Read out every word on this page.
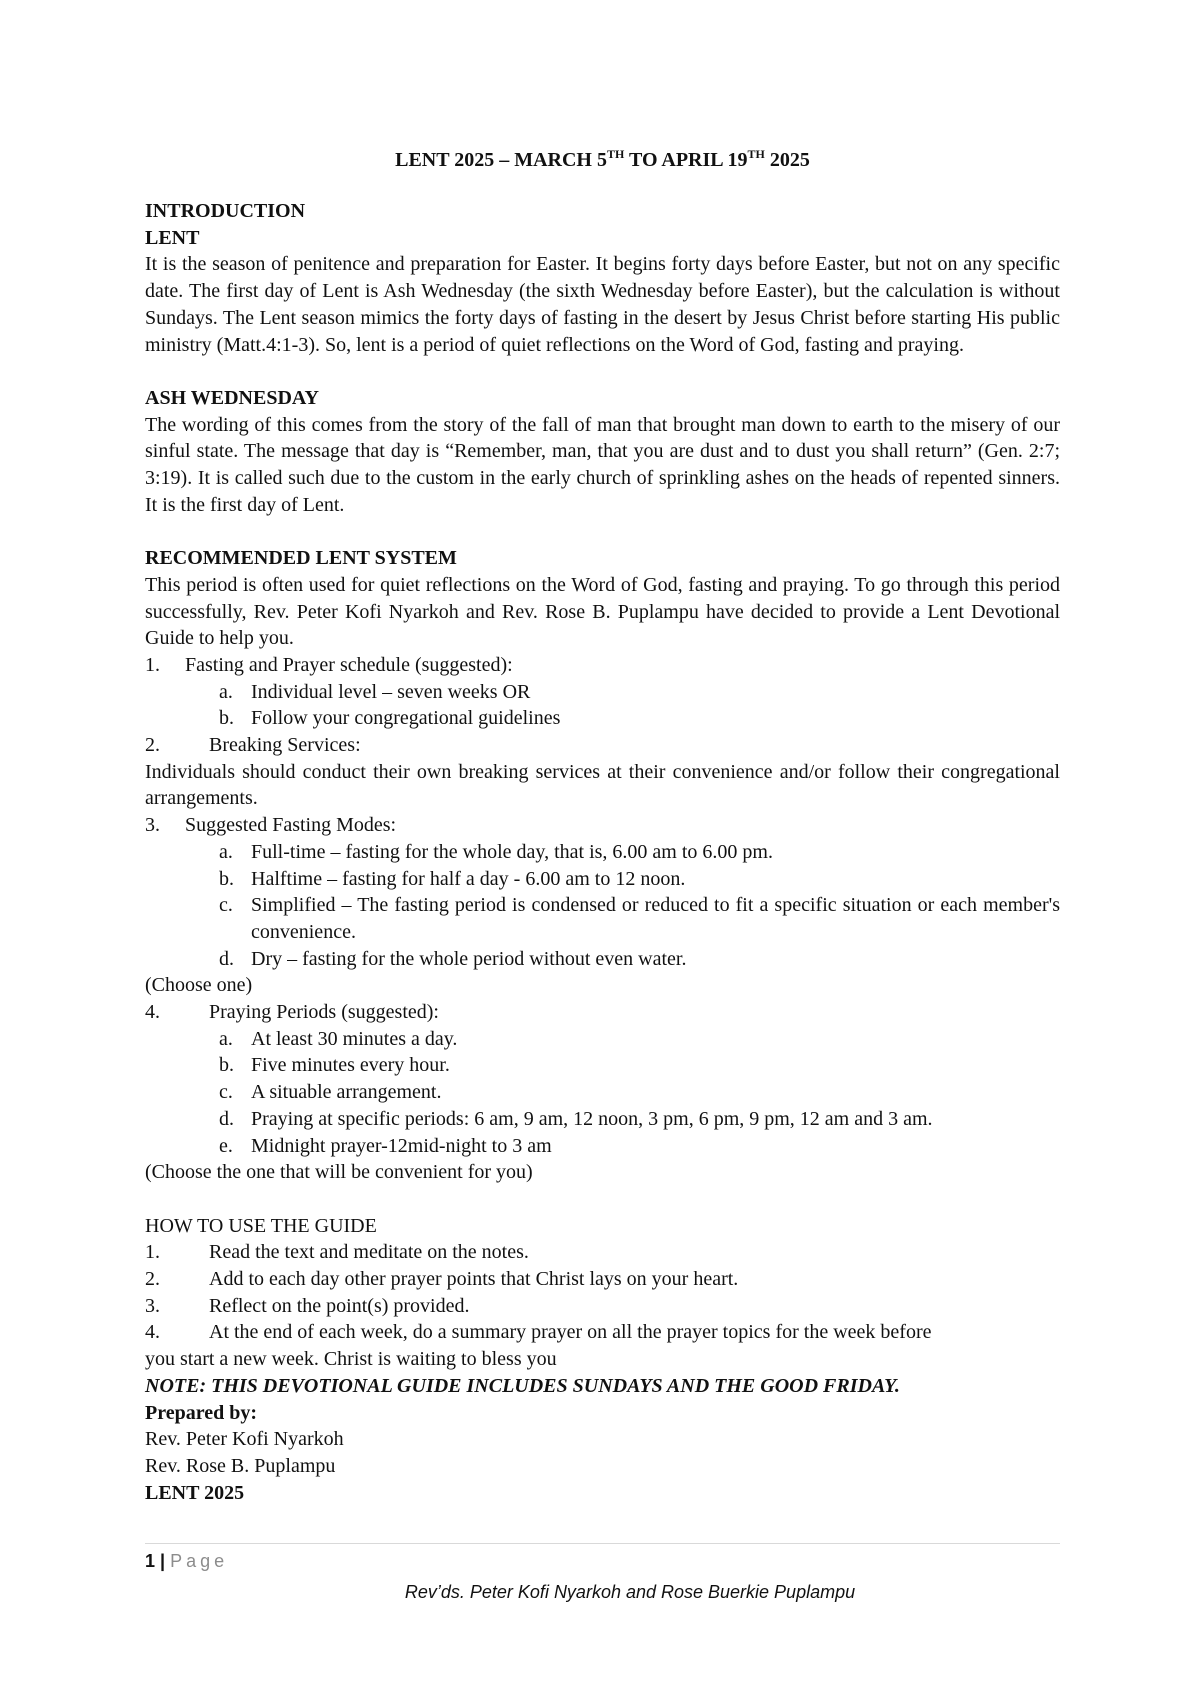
LENT 2025 – MARCH 5TH TO APRIL 19TH 2025

INTRODUCTION

LENT

It is the season of penitence and preparation for Easter. It begins forty days before Easter, but not on any specific date. The first day of Lent is Ash Wednesday (the sixth Wednesday before Easter), but the calculation is without Sundays. The Lent season mimics the forty days of fasting in the desert by Jesus Christ before starting His public ministry (Matt.4:1-3). So, lent is a period of quiet reflections on the Word of God, fasting and praying.

ASH WEDNESDAY

The wording of this comes from the story of the fall of man that brought man down to earth to the misery of our sinful state. The message that day is “Remember, man, that you are dust and to dust you shall return” (Gen. 2:7; 3:19). It is called such due to the custom in the early church of sprinkling ashes on the heads of repented sinners. It is the first day of Lent.

RECOMMENDED LENT SYSTEM

This period is often used for quiet reflections on the Word of God, fasting and praying. To go through this period successfully, Rev. Peter Kofi Nyarkoh and Rev. Rose B. Puplampu have decided to provide a Lent Devotional Guide to help you.

1.	Fasting and Prayer schedule (suggested):
a. Individual level – seven weeks OR
b. Follow your congregational guidelines
2.	Breaking Services:

Individuals should conduct their own breaking services at their convenience and/or follow their congregational arrangements.

3.	Suggested Fasting Modes:
a. Full-time – fasting for the whole day, that is, 6.00 am to 6.00 pm.
b. Halftime – fasting for half a day - 6.00 am to 12 noon.
c. Simplified – The fasting period is condensed or reduced to fit a specific situation or each member's convenience.
d. Dry – fasting for the whole period without even water.

(Choose one)

4.	Praying Periods (suggested):
a. At least 30 minutes a day.
b. Five minutes every hour.
c. A situable arrangement.
d. Praying at specific periods: 6 am, 9 am, 12 noon, 3 pm, 6 pm, 9 pm, 12 am and 3 am.
e. Midnight prayer-12mid-night to 3 am

(Choose the one that will be convenient for you)

HOW TO USE THE GUIDE

1.	Read the text and meditate on the notes.
2.	Add to each day other prayer points that Christ lays on your heart.
3.	Reflect on the point(s) provided.
4.	At the end of each week, do a summary prayer on all the prayer topics for the week before

you start a new week. Christ is waiting to bless you

NOTE: THIS DEVOTIONAL GUIDE INCLUDES SUNDAYS AND THE GOOD FRIDAY.

Prepared by:

Rev. Peter Kofi Nyarkoh

Rev. Rose B. Puplampu

LENT 2025

1 | Page
Rev’ds. Peter Kofi Nyarkoh and Rose Buerkie Puplampu
